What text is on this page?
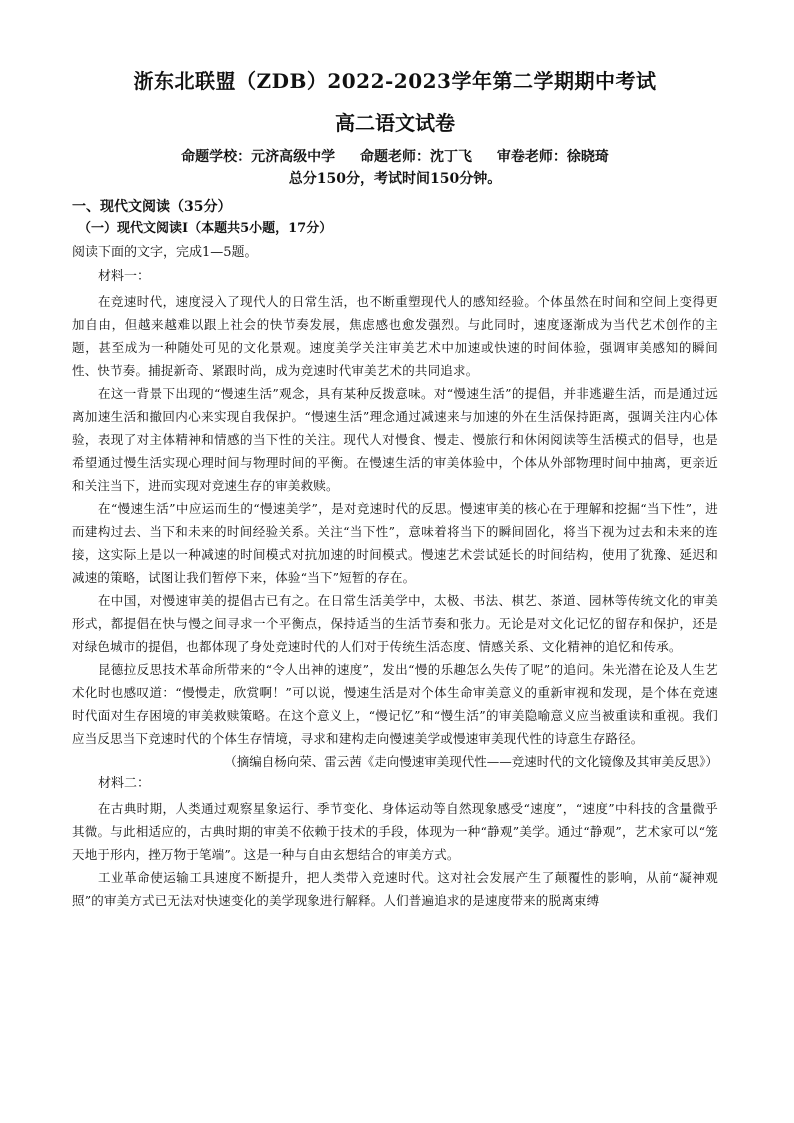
浙东北联盟（ZDB）2022-2023学年第二学期期中考试
高二语文试卷
命题学校：元济高级中学 命题老师：沈丁飞 审卷老师：徐晓琦
总分150分，考试时间150分钟。

一、现代文阅读（35分）

（一）现代文阅读Ⅰ（本题共5小题，17分）

阅读下面的文字，完成1—5题。

材料一：

在竞速时代，速度浸入了现代人的日常生活，也不断重塑现代人的感知经验。个体虽然在时间和空间上变得更加自由，但越来越难以跟上社会的快节奏发展，焦虑感也愈发强烈。与此同时，速度逐渐成为当代艺术创作的主题，甚至成为一种随处可见的文化景观。速度美学关注审美艺术中加速或快速的时间体验，强调审美感知的瞬间性、快节奏。捕捉新奇、紧跟时尚，成为竞速时代审美艺术的共同追求。

在这一背景下出现的“慢速生活”观念，具有某种反拨意味。对“慢速生活”的提倡，并非逃避生活，而是通过远离加速生活和撤回内心来实现自我保护。“慢速生活”理念通过减速来与加速的外在生活保持距离，强调关注内心体验，表现了对主体精神和情感的当下性的关注。现代人对慢食、慢走、慢旅行和休闲阅读等生活模式的倡导，也是希望通过慢生活实现心理时间与物理时间的平衡。在慢速生活的审美体验中，个体从外部物理时间中抽离，更亲近和关注当下，进而实现对竞速生存的审美救赎。

在“慢速生活”中应运而生的“慢速美学”，是对竞速时代的反思。慢速审美的核心在于理解和挖掘“当下性”，进而建构过去、当下和未来的时间经验关系。关注“当下性”，意味着将当下的瞬间固化，将当下视为过去和未来的连接，这实际上是以一种减速的时间模式对抗加速的时间模式。慢速艺术尝试延长的时间结构，使用了犹豫、延迟和减速的策略，试图让我们暂停下来，体验“当下”短暂的存在。

在中国，对慢速审美的提倡古已有之。在日常生活美学中，太极、书法、棋艺、茶道、园林等传统文化的审美形式，都提倡在快与慢之间寻求一个平衡点，保持适当的生活节奏和张力。无论是对文化记忆的留存和保护，还是对绿色城市的提倡，也都体现了身处竞速时代的人们对于传统生活态度、情感关系、文化精神的追忆和传承。

昆德拉反思技术革命所带来的“令人出神的速度”，发出“慢的乐趣怎么失传了呢”的追问。朱光潜在论及人生艺术化时也感叹道：“慢慢走，欣赏啊！”可以说，慢速生活是对个体生命审美意义的重新审视和发现，是个体在竞速时代面对生存困境的审美救赎策略。在这个意义上，“慢记忆”和“慢生活”的审美隐喻意义应当被重读和重视。我们应当反思当下竞速时代的个体生存情境，寻求和建构走向慢速美学或慢速审美现代性的诗意生存路径。

（摘编自杨向荣、雷云茜《走向慢速审美现代性——竞速时代的文化镜像及其审美反思》）

材料二：

在古典时期，人类通过观察星象运行、季节变化、身体运动等自然现象感受“速度”，“速度”中科技的含量微乎其微。与此相适应的，古典时期的审美不依赖于技术的手段，体现为一种“静观”美学。通过“静观”，艺术家可以“笼天地于形内，挫万物于笔端”。这是一种与自由玄想结合的审美方式。

工业革命使运输工具速度不断提升，把人类带入竞速时代。这对社会发展产生了颠覆性的影响，从前“凝神观照”的审美方式已无法对快速变化的美学现象进行解释。人们普遍追求的是速度带来的脱离束缚
